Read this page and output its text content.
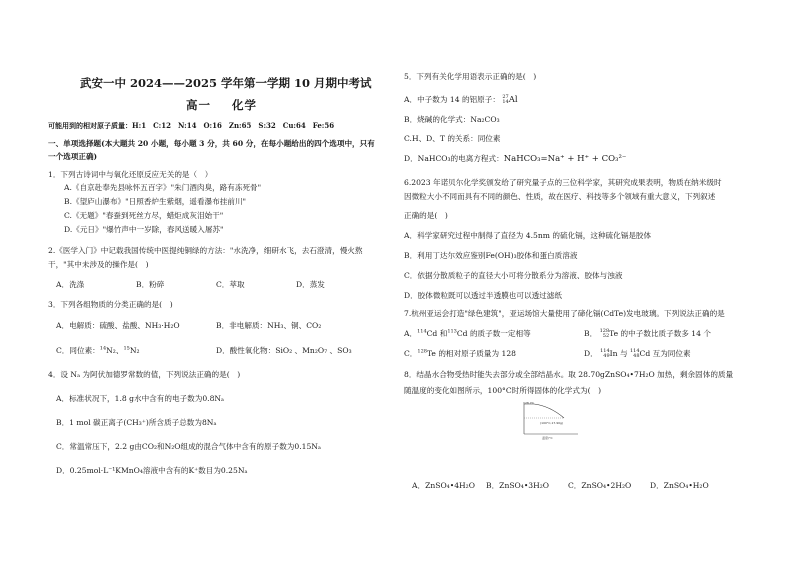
武安一中 2024——2025 学年第一学期 10 月期中考试
高一 化学
可能用到的相对原子质量：H:1　C:12　N:14　O:16　Zn:65　S:32　Cu:64　Fe:56
一、单项选择题(本大题共 20 小题，每小题 3 分，共 60 分，在每小题给出的四个选项中，只有
一个选项正确)
1．下列古诗词中与氧化还原反应无关的是（　）
A.《自京赴奉先县咏怀五百字》"朱门酒肉臭，路有冻死骨"
B.《望庐山瀑布》"日照香炉生紫烟，遥看瀑布挂前川"
C.《无题》"春蚕到死丝方尽，蜡炬成灰泪始干"
D.《元日》"爆竹声中一岁除，春风送暖入屠苏"
2.《医学入门》中记载我国传统中医提纯铜绿的方法："水洗净，细研水飞，去石澄清，慢火熬
干，"其中未涉及的操作是(　)
A．洗涤	B．粉碎	C．萃取	D．蒸发
3．下列各组物质的分类正确的是(　)
A．电解质：硫酸、盐酸、NH₃·H₂O	B．非电解质：NH₃、铜、CO₂
C．同位素：$^{14}$N₂、$^{15}$N₂	D．酸性氧化物：SiO₂ 、Mn₂O₇ 、SO₃
4．设 Nₐ 为阿伏加德罗常数的值，下列说法正确的是(　)
A．标准状况下，1.8 g水中含有的电子数为0.8Nₐ
B．1 mol 碳正离子(CH₃⁺)所含质子总数为8Nₐ
C．常温常压下，2.2 g由CO₂和N₂O组成的混合气体中含有的原子数为0.15Nₐ
D．0.25mol·L⁻¹KMnO₄溶液中含有的K⁺数目为0.25Nₐ
5．下列有关化学用语表示正确的是(　)
A．中子数为 14 的铝原子： 27
14 Al
B．烧碱的化学式：Na₂CO₃
C.H、D、T 的关系：同位素
D．NaHCO₃的电离方程式：NaHCO₃=Na⁺ + H⁺ + CO₃²⁻
6.2023 年诺贝尔化学奖颁发给了研究量子点的三位科学家，其研究成果表明，物质在纳米级时
因微粒大小不同而具有不同的颜色、性质，故在医疗、科技等多个领域有重大意义，下列叙述
正确的是(　)
A．科学家研究过程中制得了直径为 4.5nm 的硫化镉，这种硫化镉是胶体
B．利用丁达尔效应鉴别Fe(OH)₃胶体和蛋白质溶液
C．依据分散质粒子的直径大小可将分散系分为溶液、胶体与浊液
D．胶体微粒既可以透过半透膜也可以透过滤纸
7.杭州亚运会打造"绿色建筑"，亚运场馆大量使用了碲化镉(CdTe)发电玻璃。下列说法正确的是
A．$^{114}$Cd 和$^{113}$Cd 的质子数一定相等	B． 128
52 Te 的中子数比质子数多 14 个
C．$^{128}$Te 的相对原子质量为 128	D． 114
49 In 与 114
48 Cd 互为同位素
8．结晶水合物受热时能失去部分或全部结晶水。取 28.70gZnSO₄•7H₂O 加热，剩余固体的质量
随温度的变化如图所示，100°C时所得固体的化学式为(　)
28.70
(100°C,17.90g)
温度/°C
A．ZnSO₄•4H₂O B．ZnSO₄•3H₂O C．ZnSO₄•2H₂O D．ZnSO₄•H₂O
